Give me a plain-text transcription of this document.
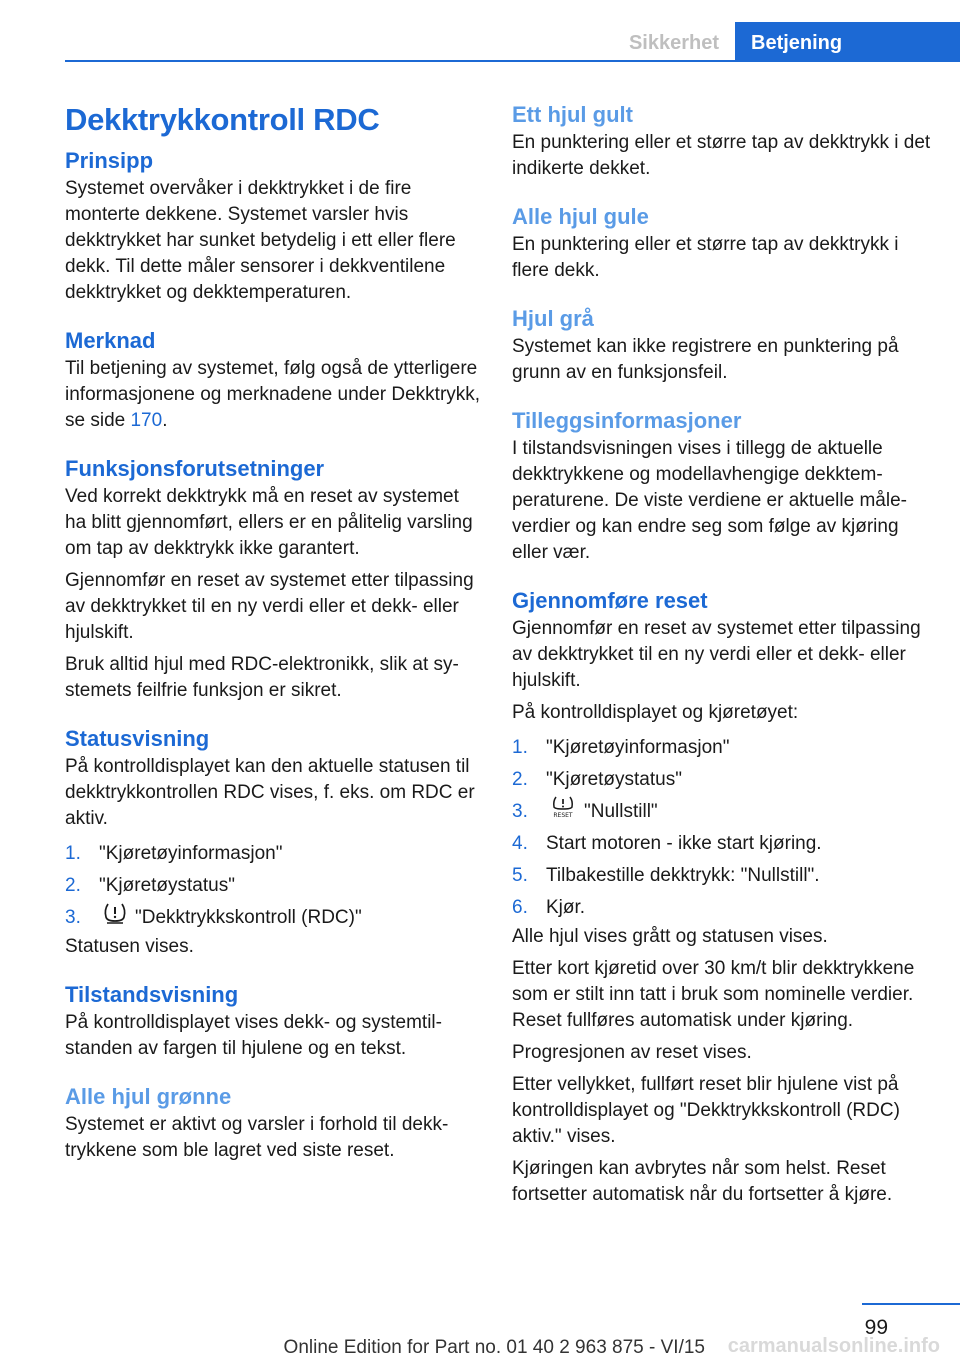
Sikkerhet	Betjening
Dekktrykkontroll RDC
Prinsipp

Systemet overvåker i dekktrykket i de fire monterte dekkene. Systemet varsler hvis dekktrykket har sunket betydelig i ett eller flere dekk. Til dette måler sensorer i dekkventilene dekktrykket og dekktemperaturen.

Merknad

Til betjening av systemet, følg også de ytterligere informasjonene og merknadene under Dekktrykk, se side 170.

Funksjonsforutsetninger

Ved korrekt dekktrykk må en reset av systemet ha blitt gjennomført, ellers er en pålitelig varsling om tap av dekktrykk ikke garantert.

Gjennomfør en reset av systemet etter tilpassing av dekktrykket til en ny verdi eller et dekk- eller hjulskift.

Bruk alltid hjul med RDC-elektronikk, slik at systemets feilfrie funksjon er sikret.

Statusvisning

På kontrolldisplayet kan den aktuelle statusen til dekktrykkontrollen RDC vises, f. eks. om RDC er aktiv.

1. "Kjøretøyinformasjon"
2. "Kjøretøystatus"
3.	"Dekktrykkskontroll (RDC)"

Statusen vises.

Tilstandsvisning

På kontrolldisplayet vises dekk- og systemtilstanden av fargen til hjulene og en tekst.

Alle hjul grønne

Systemet er aktivt og varsler i forhold til dekktrykkene som ble lagret ved siste reset.

Ett hjul gult

En punktering eller et større tap av dekktrykk i det indikerte dekket.

Alle hjul gule

En punktering eller et større tap av dekktrykk i flere dekk.

Hjul grå

Systemet kan ikke registrere en punktering på grunn av en funksjonsfeil.

Tilleggsinformasjoner

I tilstandsvisningen vises i tillegg de aktuelle dekktrykkene og modellavhengige dekktemperaturene. De viste verdiene er aktuelle måleverdier og kan endre seg som følge av kjøring eller vær.

Gjennomføre reset

Gjennomfør en reset av systemet etter tilpassing av dekktrykket til en ny verdi eller et dekk- eller hjulskift.

På kontrolldisplayet og kjøretøyet:

1. "Kjøretøyinformasjon"
2. "Kjøretøystatus"
3.	RESET "Nullstill"
4. Start motoren - ikke start kjøring.
5. Tilbakestille dekktrykk: "Nullstill".
6. Kjør.

Alle hjul vises grått og statusen vises.

Etter kort kjøretid over 30 km/t blir dekktrykkene som er stilt inn tatt i bruk som nominelle verdier. Reset fullføres automatisk under kjøring.

Progresjonen av reset vises.

Etter vellykket, fullført reset blir hjulene vist på kontrolldisplayet og "Dekktrykkskontroll (RDC) aktiv." vises.

Kjøringen kan avbrytes når som helst. Reset fortsetter automatisk når du fortsetter å kjøre.

99
Online Edition for Part no. 01 40 2 963 875 - VI/15 carmanualsonline.info
